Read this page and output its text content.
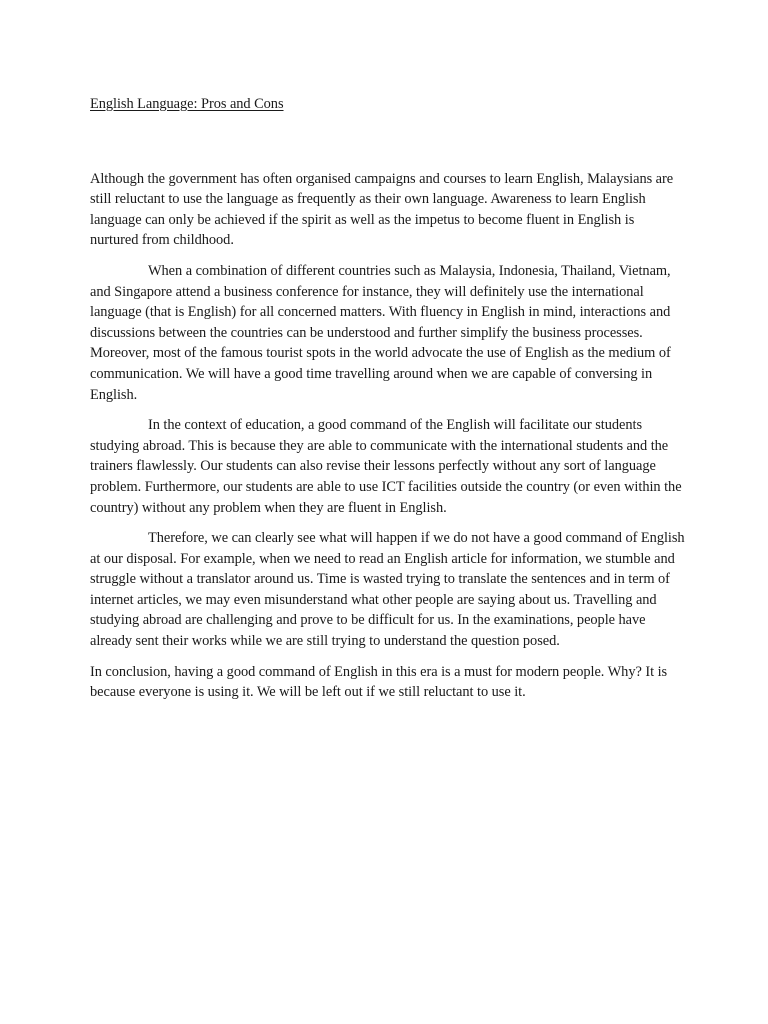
English Language: Pros and Cons

Although the government has often organised campaigns and courses to learn English, Malaysians are still reluctant to use the language as frequently as their own language. Awareness to learn English language can only be achieved if the spirit as well as the impetus to become fluent in English is nurtured from childhood.

When a combination of different countries such as Malaysia, Indonesia, Thailand, Vietnam, and Singapore attend a business conference for instance, they will definitely use the international language (that is English) for all concerned matters. With fluency in English in mind, interactions and discussions between the countries can be understood and further simplify the business processes. Moreover, most of the famous tourist spots in the world advocate the use of English as the medium of communication. We will have a good time travelling around when we are capable of conversing in English.

In the context of education, a good command of the English will facilitate our students studying abroad. This is because they are able to communicate with the international students and the trainers flawlessly. Our students can also revise their lessons perfectly without any sort of language problem. Furthermore, our students are able to use ICT facilities outside the country (or even within the country) without any problem when they are fluent in English.

Therefore, we can clearly see what will happen if we do not have a good command of English at our disposal. For example, when we need to read an English article for information, we stumble and struggle without a translator around us. Time is wasted trying to translate the sentences and in term of internet articles, we may even misunderstand what other people are saying about us. Travelling and studying abroad are challenging and prove to be difficult for us. In the examinations, people have already sent their works while we are still trying to understand the question posed.

In conclusion, having a good command of English in this era is a must for modern people. Why? It is because everyone is using it. We will be left out if we still reluctant to use it.
